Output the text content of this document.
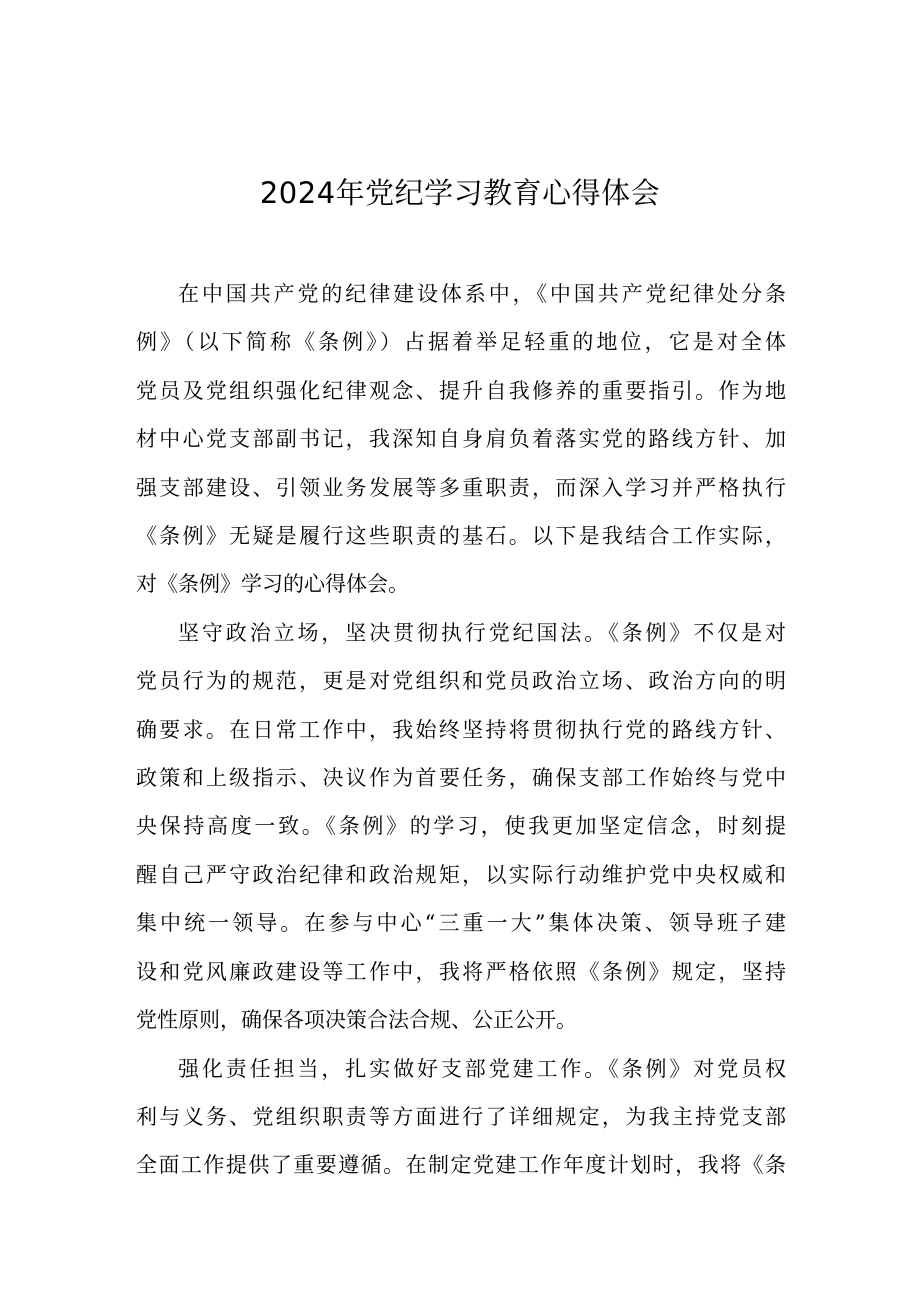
2024年党纪学习教育心得体会

在中国共产党的纪律建设体系中，《中国共产党纪律处分条
例》（以下简称《条例》）占据着举足轻重的地位，它是对全体
党员及党组织强化纪律观念、提升自我修养的重要指引。作为地
材中心党支部副书记，我深知自身肩负着落实党的路线方针、加
强支部建设、引领业务发展等多重职责，而深入学习并严格执行
《条例》无疑是履行这些职责的基石。以下是我结合工作实际，
对《条例》学习的心得体会。

坚守政治立场，坚决贯彻执行党纪国法。《条例》不仅是对
党员行为的规范，更是对党组织和党员政治立场、政治方向的明
确要求。在日常工作中，我始终坚持将贯彻执行党的路线方针、
政策和上级指示、决议作为首要任务，确保支部工作始终与党中
央保持高度一致。《条例》的学习，使我更加坚定信念，时刻提
醒自己严守政治纪律和政治规矩，以实际行动维护党中央权威和
集中统一领导。在参与中心“三重一大”集体决策、领导班子建
设和党风廉政建设等工作中，我将严格依照《条例》规定，坚持
党性原则，确保各项决策合法合规、公正公开。

强化责任担当，扎实做好支部党建工作。《条例》对党员权
利与义务、党组织职责等方面进行了详细规定，为我主持党支部
全面工作提供了重要遵循。在制定党建工作年度计划时，我将《条
